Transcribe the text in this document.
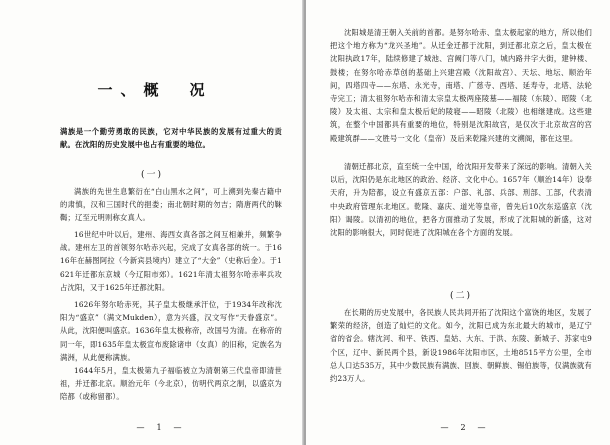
一、概　况
满族是一个勤劳勇敢的民族，它对中华民族的发展有过重大的贡献。在沈阳的历史发展中也占有重要的地位。
(一)
满族的先世生息繁衍在“白山黑水之间”，可上溯到先秦古籍中的肃慎，汉和三国时代的挹娄；南北朝时期的勿吉；隋唐两代的靺鞨；辽至元明则称女真人。
16世纪中叶以后，建州、海西女真各部之间互相兼并，频繁争战。建州左卫的首领努尔哈赤兴起，完成了女真各部的统一。于1616年在赫图阿拉（今新宾县境内）建立了“大金”（史称后金）。于1621年迁都东京城（今辽阳市郊）。1621年清太祖努尔哈赤率兵攻占沈阳，又于1625年迁都沈阳。
1626年努尔哈赤死，其子皇太极继承汗位，于1934年改称沈阳为“盛京”（满文Mukden），意为兴盛，汉文写作“天眷盛京”。从此，沈阳便叫盛京。1636年皇太极称帝，改国号为清。在称帝的同一年，即1635年皇太极宣布废除诸申（女真）的旧称，定族名为满洲，从此便称满族。
1644年5月，皇太极第九子福临被立为清朝第三代皇帝即清世祖，并迁都北京。顺治元年（今北京），仿明代两京之制，以盛京为陪都（或称留都）。
—　1　—
沈阳城是清王朝入关前的首都。是努尔哈赤、皇太极起家的地方，所以他们把这个地方称为“龙兴圣地”。从迁金迁都于沈阳，到迁都北京之后，皇太极在沈阳执政17年，陆续修建了城池、宫阙门等八门，城内路井字大街，建钟楼、鼓楼；在努尔哈赤草创的基础上兴建宫殿（沈阳故宫）、天坛、地坛、顺治年间，四塔四寺——东塔、永光寺，南塔、广慈寺、西塔、延寿寺，北塔、法轮寺完工；清太祖努尔哈赤和清太宗皇太极两座陵墓——福陵（东陵）、昭陵（北陵）及太祖、太宗和皇太极后妃的陵寝——昭陵（北陵）也相继建成。这些建筑，在整个中国都具有重要的地位，特别是沈阳故宫，是仅次于北京故宫的宫殿建筑群——文胜号一文化（皇帝）及后来乾隆兴建的文溯阁，都在这里。
清朝迁都北京，直至统一全中国，给沈阳开发带来了深远的影响。清朝入关以后，沈阳仍是东北地区的政治、经济、文化中心。1657年（顺治14年）设奉天府，升为陪都，设立有盛京五部：户部、礼部、兵部、刑部、工部，代表清中央政府管理东北地区。乾隆、嘉庆、道光等皇帝，曾先后10次东巡盛京（沈阳）谒陵。以清初的地位，把各方面推动了发展，形成了沈阳城的新盛，这对沈阳的影响很大，同时促进了沈阳城在各个方面的发展。
(二)
在长期的历史发展中，各民族人民共同开拓了沈阳这个富饶的地区，发展了繁荣的经济，创造了灿烂的文化。如今，沈阳已成为东北最大的城市，是辽宁省的省会。辖沈河、和平、铁西、皇姑、大东、于洪、东陵、新城子、苏家屯9个区，辽中、新民两个县，新设1986年沈阳市区，土地8515平方公里，全市总人口达535万，其中少数民族有满族、回族、朝鲜族、锡伯族等，仅满族就有约23万人。
—　2　—
